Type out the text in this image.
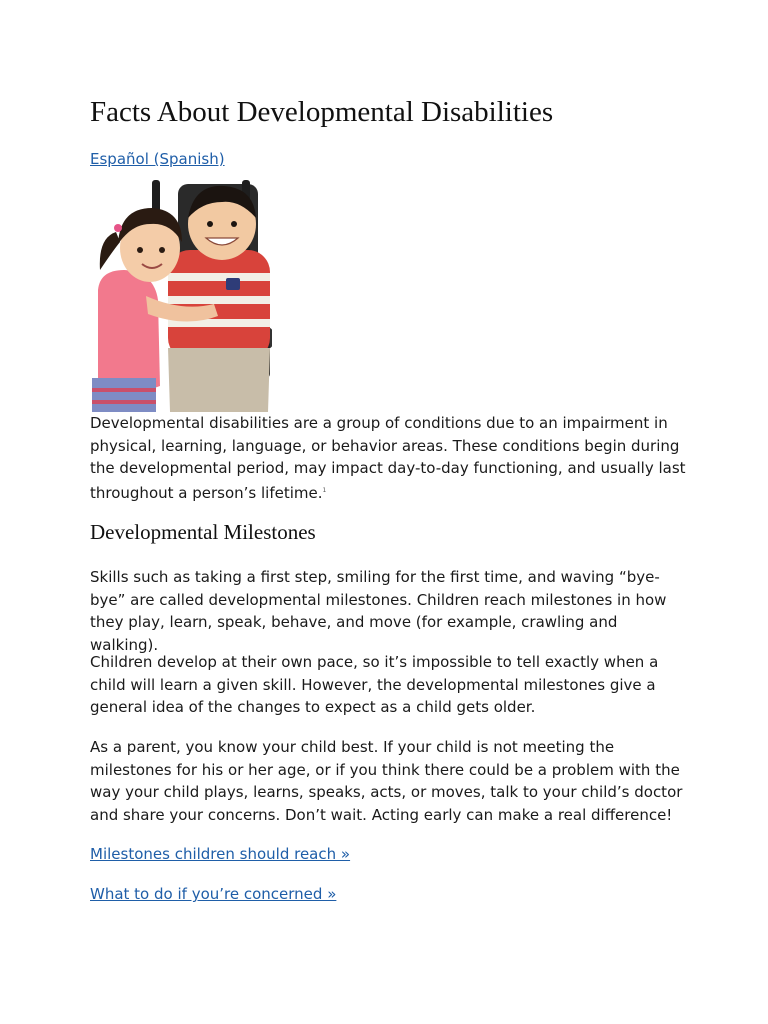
Facts About Developmental Disabilities
Español (Spanish)

Developmental disabilities are a group of conditions due to an impairment in physical, learning, language, or behavior areas. These conditions begin during the developmental period, may impact day-to-day functioning, and usually last throughout a person’s lifetime.$^1$

Developmental Milestones

Skills such as taking a first step, smiling for the first time, and waving “bye-bye” are called developmental milestones. Children reach milestones in how they play, learn, speak, behave, and move (for example, crawling and walking).

Children develop at their own pace, so it’s impossible to tell exactly when a child will learn a given skill. However, the developmental milestones give a general idea of the changes to expect as a child gets older.

As a parent, you know your child best. If your child is not meeting the milestones for his or her age, or if you think there could be a problem with the way your child plays, learns, speaks, acts, or moves, talk to your child’s doctor and share your concerns. Don’t wait. Acting early can make a real difference!

Milestones children should reach »
What to do if you’re concerned »
